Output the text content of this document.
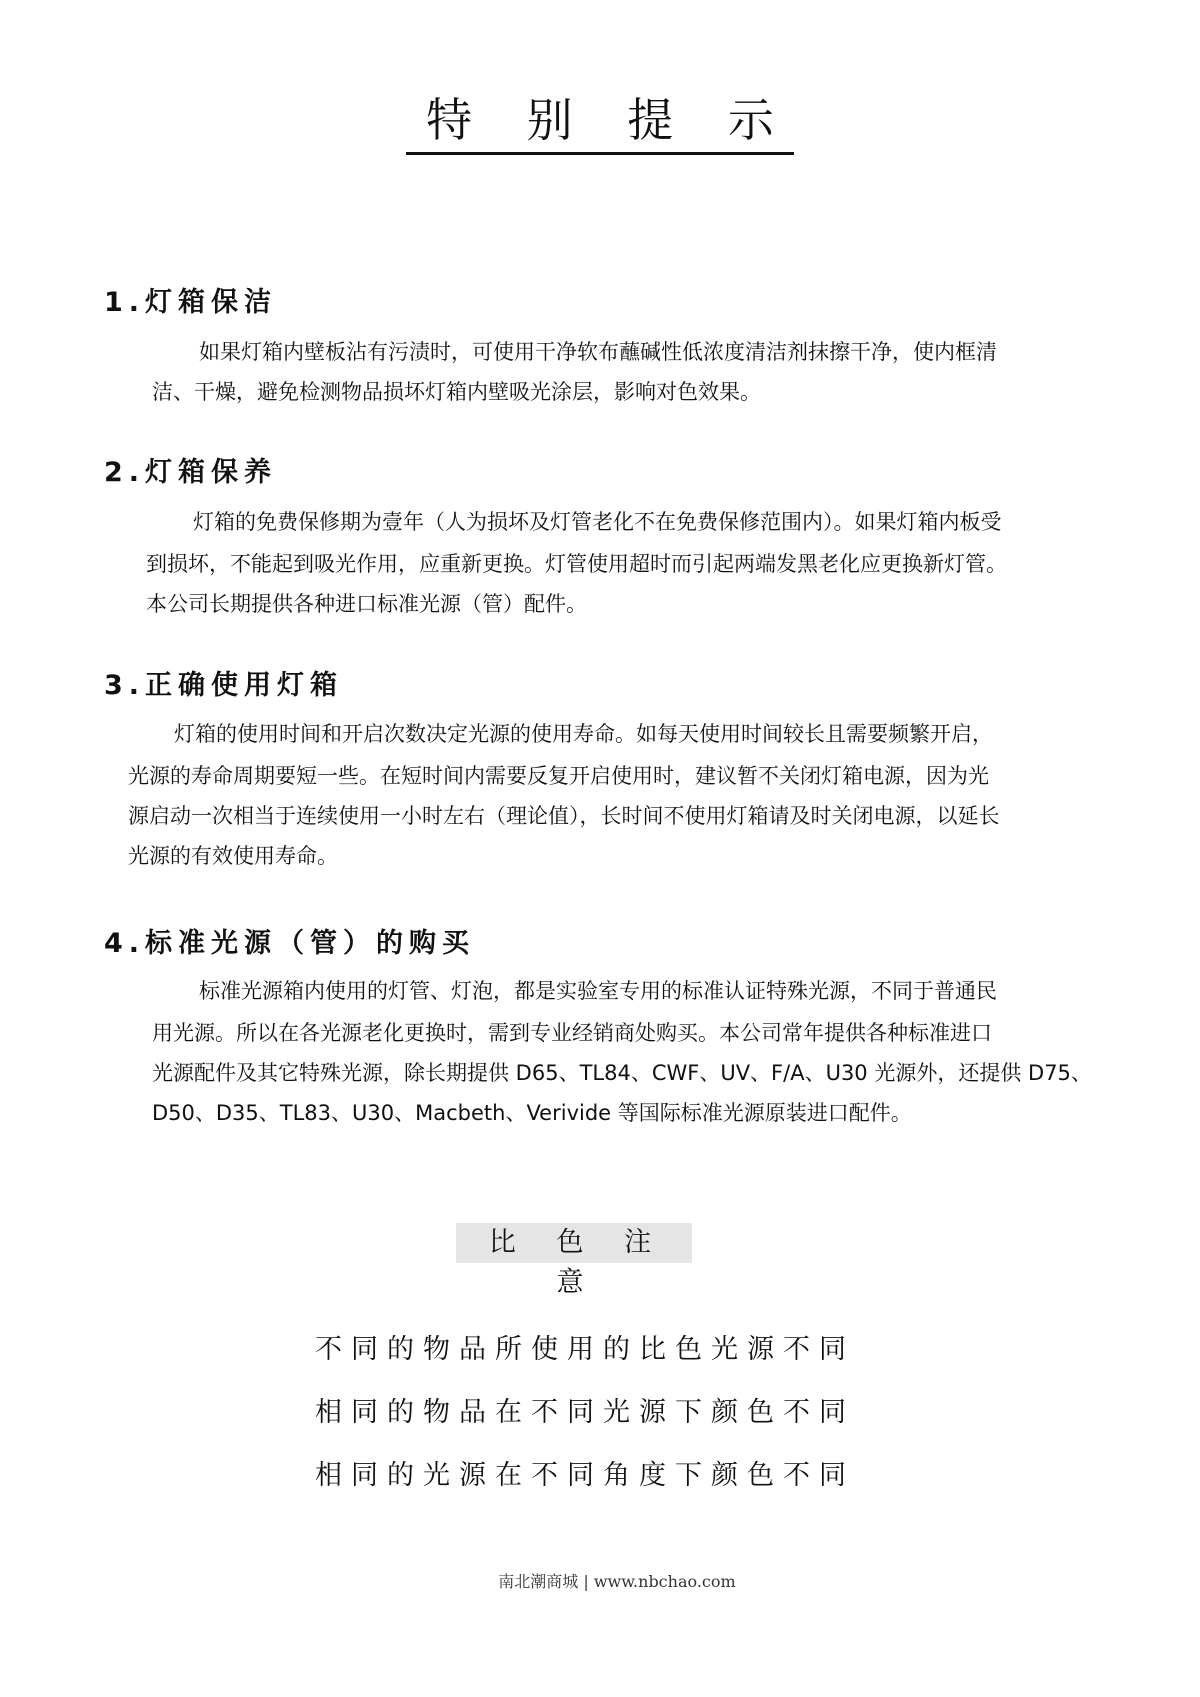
特 别 提 示
1.灯箱保洁
如果灯箱内壁板沾有污渍时，可使用干净软布蘸碱性低浓度清洁剂抹擦干净，使内框清
洁、干燥，避免检测物品损坏灯箱内壁吸光涂层，影响对色效果。
2.灯箱保养
灯箱的免费保修期为壹年（人为损坏及灯管老化不在免费保修范围内）。如果灯箱内板受
到损坏，不能起到吸光作用，应重新更换。灯管使用超时而引起两端发黑老化应更换新灯管。
本公司长期提供各种进口标准光源（管）配件。
3.正确使用灯箱
灯箱的使用时间和开启次数决定光源的使用寿命。如每天使用时间较长且需要频繁开启，
光源的寿命周期要短一些。在短时间内需要反复开启使用时，建议暂不关闭灯箱电源，因为光
源启动一次相当于连续使用一小时左右（理论值），长时间不使用灯箱请及时关闭电源，以延长
光源的有效使用寿命。
4.标准光源（管）的购买
标准光源箱内使用的灯管、灯泡，都是实验室专用的标准认证特殊光源，不同于普通民
用光源。所以在各光源老化更换时，需到专业经销商处购买。本公司常年提供各种标准进口
光源配件及其它特殊光源，除长期提供 D65、TL84、CWF、UV、F/A、U30 光源外，还提供 D75、
D50、D35、TL83、U30、Macbeth、Verivide 等国际标准光源原装进口配件。
比 色 注 意
不同的物品所使用的比色光源不同
相同的物品在不同光源下颜色不同
相同的光源在不同角度下颜色不同
南北潮商城 | www.nbchao.com
